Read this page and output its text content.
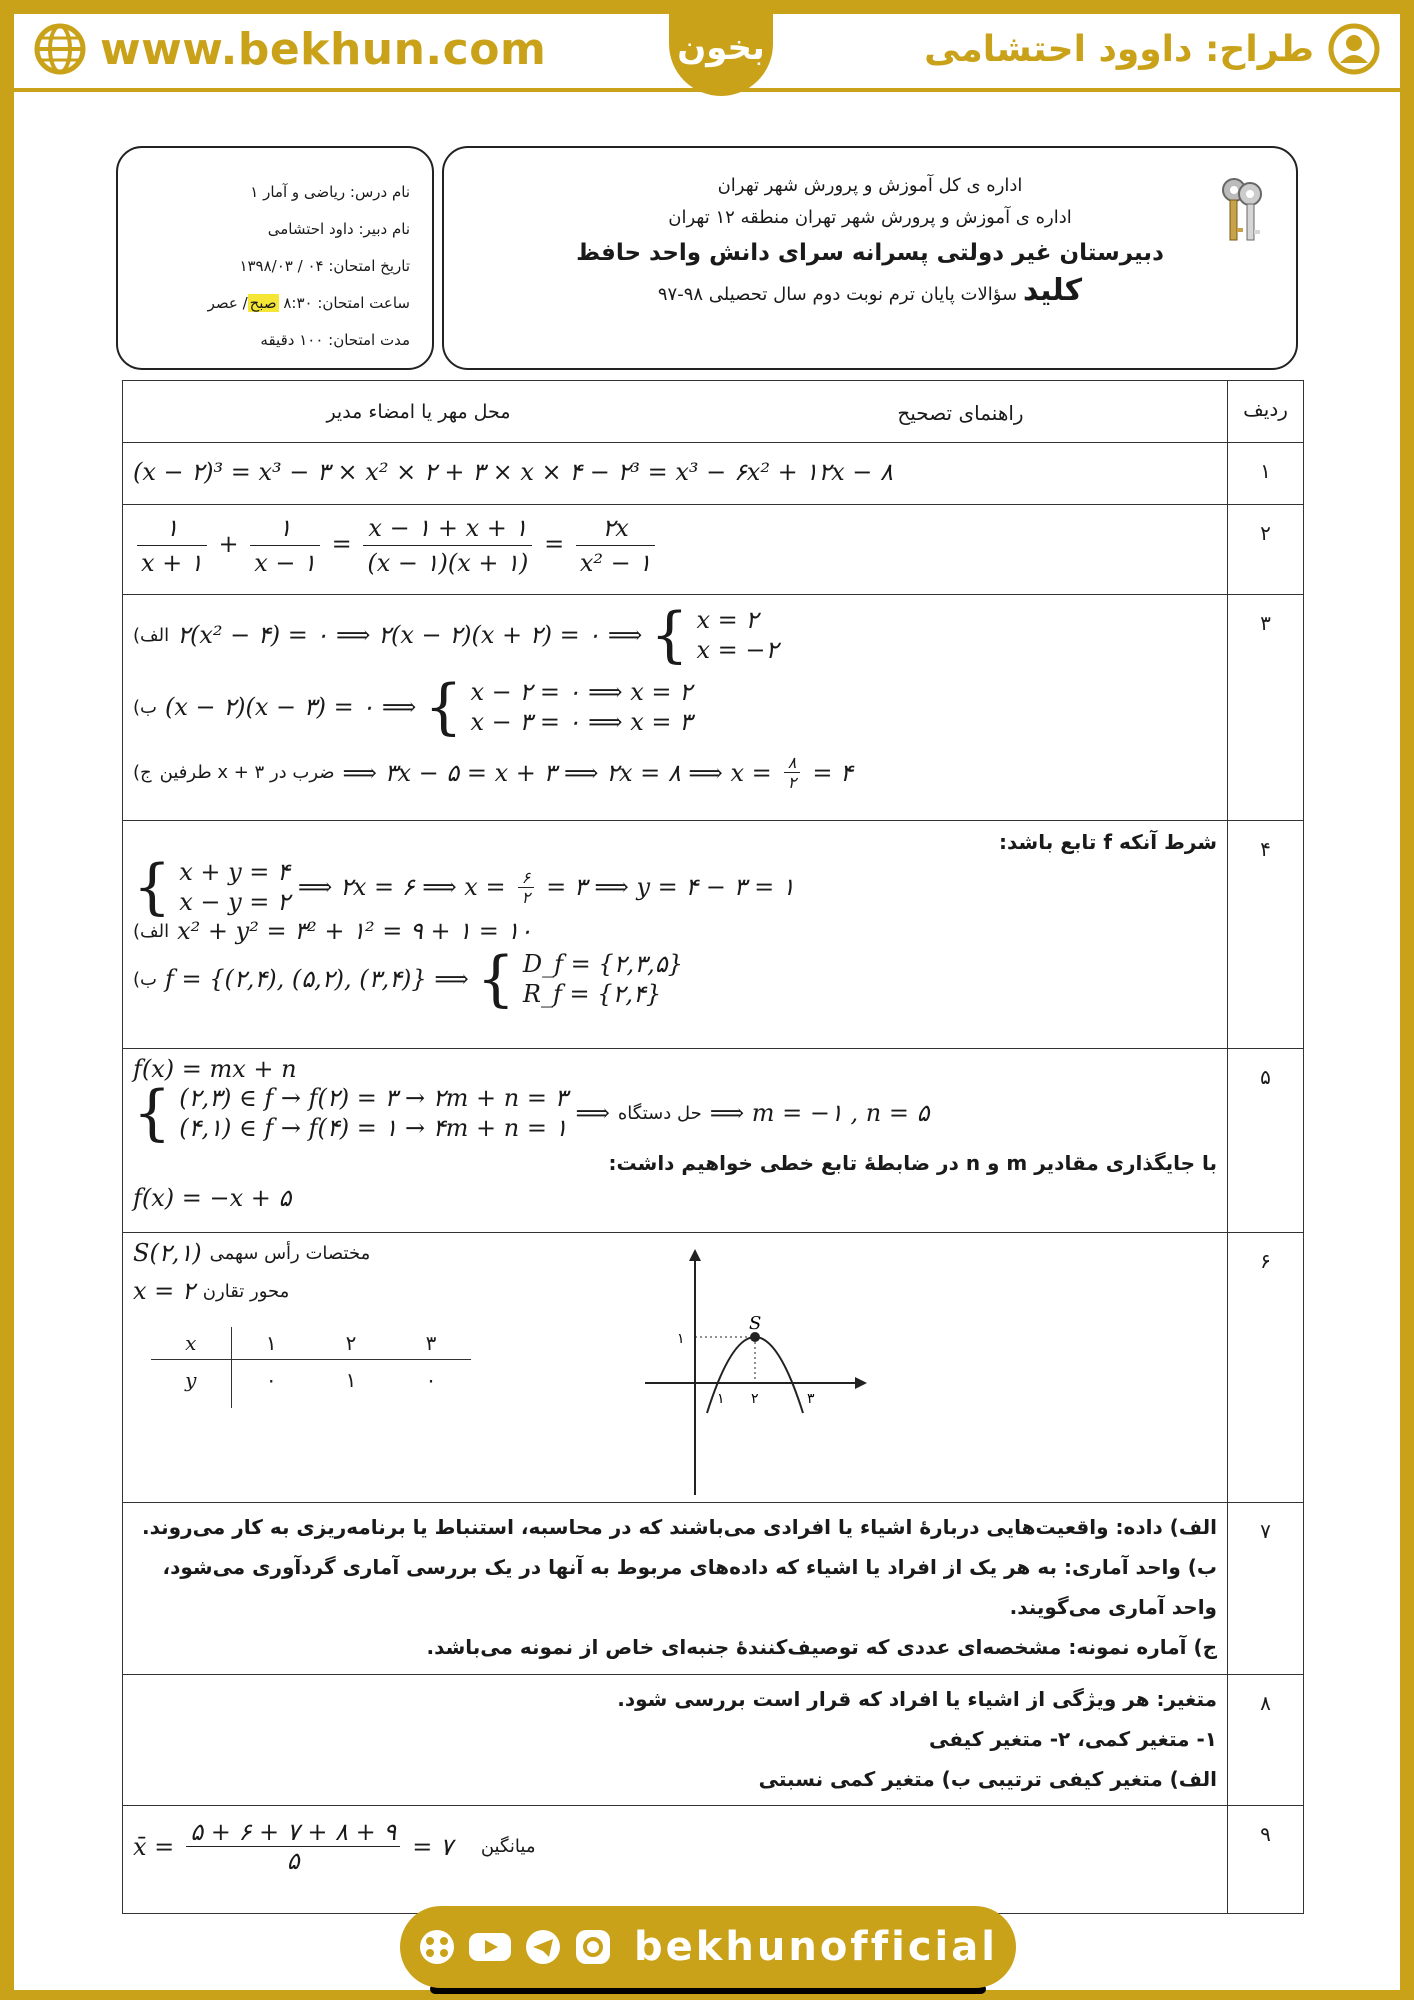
www.bekhun.com	بخون	طراح: داوود احتشامی
نام درس: ریاضی و آمار ۱
نام دبیر: داود احتشامی
تاریخ امتحان: ۰۴ / ۱۳۹۸/۰۳
ساعت امتحان: ۸:۳۰ صبح/ عصر
مدت امتحان: ۱۰۰ دقیقه
اداره ی کل آموزش و پرورش شهر تهران
اداره ی آموزش و پرورش شهر تهران منطقه ۱۲ تهران
دبیرستان غیر دولتی پسرانه سرای دانش واحد حافظ
کلید سؤالات پایان ترم نوبت دوم سال تحصیلی ۹۸-۹۷
راهنمای تصحیح
محل مهر یا امضاء مدیر	ردیف

(x − ۲)³ = x³ − ۳ × x² × ۲ + ۳ × x × ۴ − ۲³ = x³ − ۶x² + ۱۲x − ۸	۱

$\frac{۱}{x + ۱} + \frac{۱}{x - ۱} = \frac{x - ۱ + x + ۱}{(x - ۱)(x + ۱)} = \frac{۲x}{\text{x² − ۱}}$	۲

الف) ۲(x² − ۴) = ۰ ⟹ ۲(x − ۲)(x + ۲) = ۰ ⟹ { x = ۲
x = −۲
ب) (x − ۲)(x − ۳) = ۰ ⟹ { x − ۲ = ۰ ⟹ x = ۲
x − ۳ = ۰ ⟹ x = ۳
ج) ضرب در x + ۳ طرفین ⟹ ۳x − ۵ = x + ۳ ⟹ ۲x = ۸ ⟹ $x = \frac{۸}{۲}$ = ۴
	۳

شرط آنکه f تابع باشد:
{ x + y = ۴
x − y = ۲
⟹ ۲x = ۶ ⟹ $x = \frac{۶}{۲}$ = ۳ ⟹ y = ۴ − ۳ = ۱
الف) x² + y² = ۳² + ۱² = ۹ + ۱ = ۱۰
ب) f = {(۲,۴), (۵,۲), (۳,۴)} ⟹ { D_f = {۲,۳,۵}
R_f = {۲,۴}
	۴

f(x) = mx + n
{ (۲,۳) ∈ f → f(۲) = ۳ → ۲m + n = ۳
(۴,۱) ∈ f → f(۴) = ۱ → ۴m + n = ۱
⟹ حل دستگاه ⟹ m = −۱ , n = ۵
با جایگذاری مقادیر m و n در ضابطهٔ تابع خطی خواهیم داشت:
f(x) = −x + ۵
	۵

S(۲,۱) مختصات رأس سهمی
x = ۲ محور تقارن
x	۱	۲	۳
y	۰	۱	۰
S
۱
۱ ۲	۳
	۶

الف) داده: واقعیت‌هایی دربارهٔ اشیاء یا افرادی می‌باشند که در محاسبه، استنباط یا برنامه‌ریزی به کار می‌روند.
ب) واحد آماری: به هر یک از افراد یا اشیاء که داده‌های مربوط به آنها در یک بررسی آماری گردآوری می‌شود، واحد آماری می‌گویند.
ج) آماره نمونه: مشخصه‌ای عددی که توصیف‌کنندهٔ جنبه‌ای خاص از نمونه می‌باشد.
	۷

متغیر: هر ویژگی از اشیاء یا افراد که قرار است بررسی شود.
۱- متغیر کمی، ۲- متغیر کیفی
الف) متغیر کیفی ترتیبی ب) متغیر کمی نسبتی
	۸

x̄ = $\frac{۵ + ۶ + ۷ + ۸ + ۹}{۵}$ = ۷ میانگین
	۹
bekhunofficial
